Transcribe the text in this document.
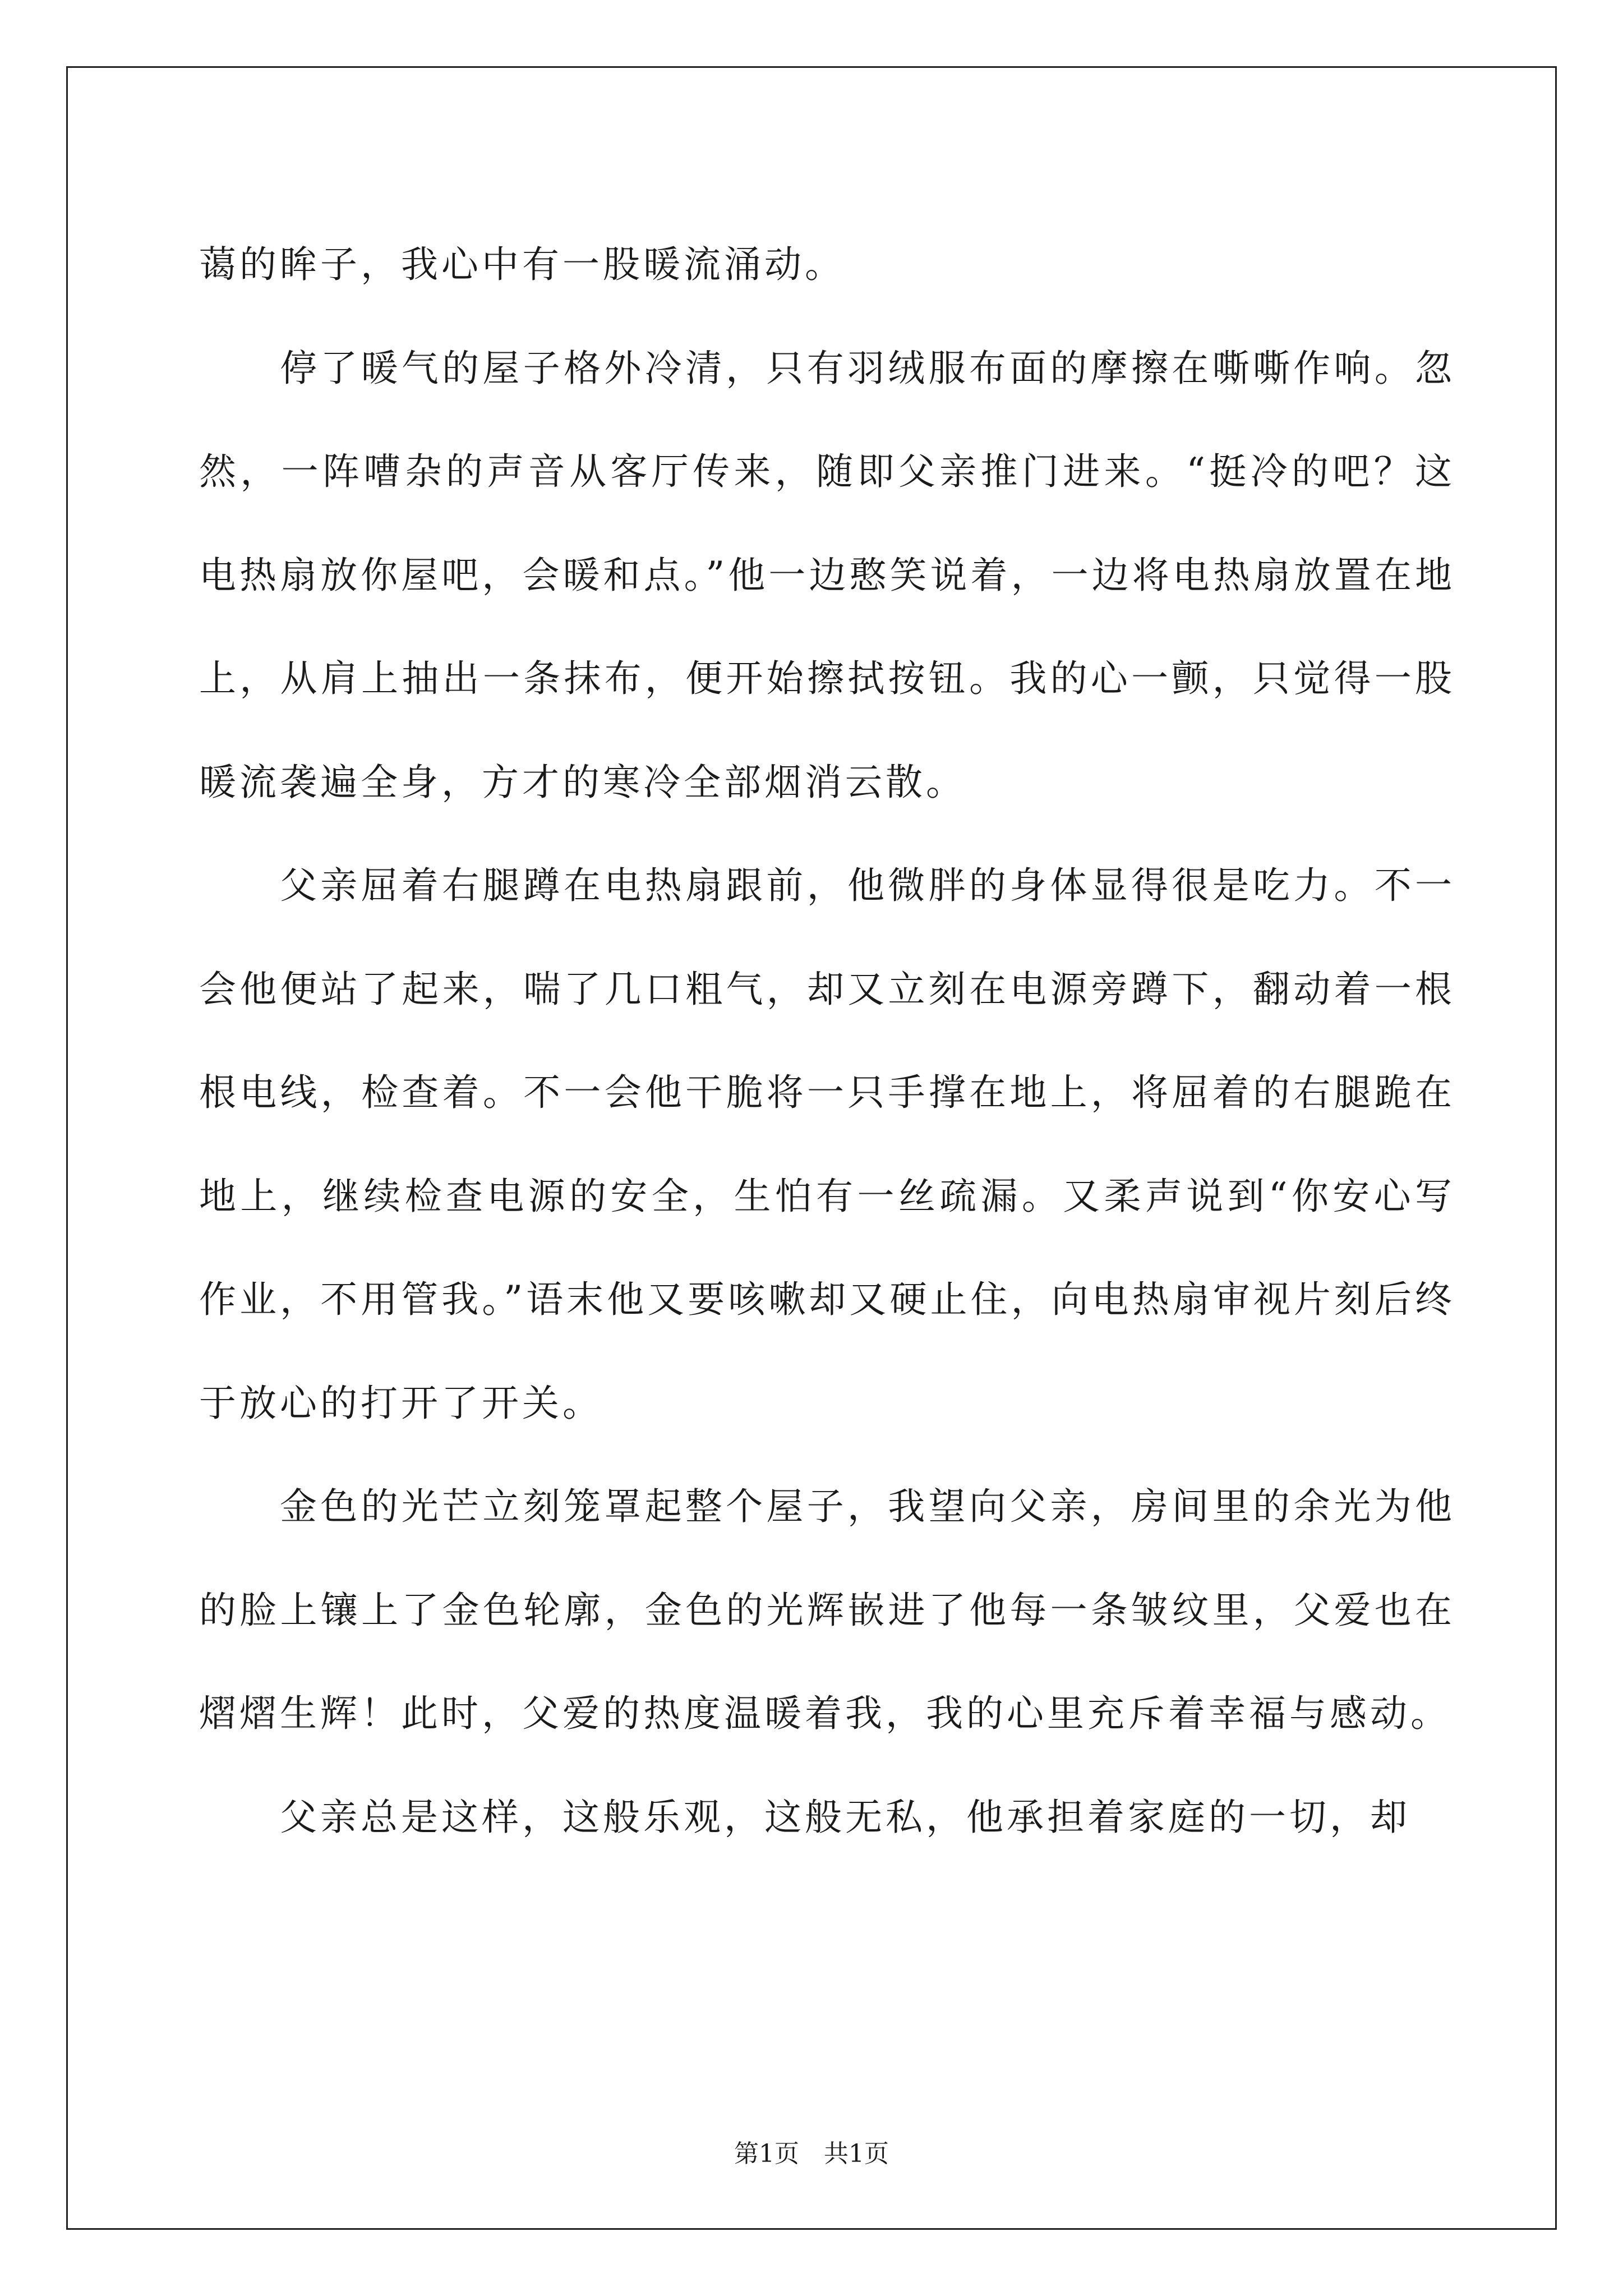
蔼的眸子，我心中有一股暖流涌动。

停了暖气的屋子格外冷清，只有羽绒服布面的摩擦在嘶嘶作响。忽然，一阵嘈杂的声音从客厅传来，随即父亲推门进来。“挺冷的吧？这电热扇放你屋吧，会暖和点。”他一边憨笑说着，一边将电热扇放置在地上，从肩上抽出一条抹布，便开始擦拭按钮。我的心一颤，只觉得一股暖流袭遍全身，方才的寒冷全部烟消云散。

父亲屈着右腿蹲在电热扇跟前，他微胖的身体显得很是吃力。不一会他便站了起来，喘了几口粗气，却又立刻在电源旁蹲下，翻动着一根根电线，检查着。不一会他干脆将一只手撑在地上，将屈着的右腿跪在地上，继续检查电源的安全，生怕有一丝疏漏。又柔声说到“你安心写作业，不用管我。”语末他又要咳嗽却又硬止住，向电热扇审视片刻后终于放心的打开了开关。

金色的光芒立刻笼罩起整个屋子，我望向父亲，房间里的余光为他的脸上镶上了金色轮廓，金色的光辉嵌进了他每一条皱纹里，父爱也在熠熠生辉！此时，父爱的热度温暖着我，我的心里充斥着幸福与感动。

父亲总是这样，这般乐观，这般无私，他承担着家庭的一切，却

第1页　共1页
